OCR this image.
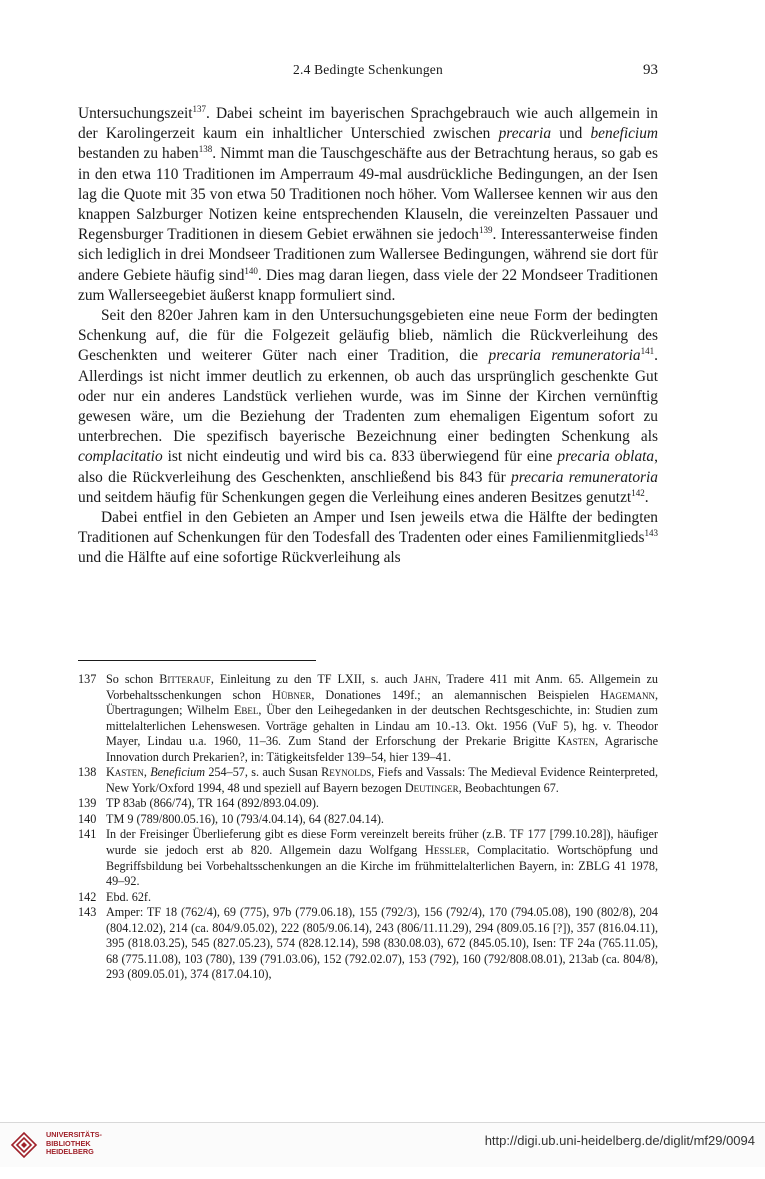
2.4 Bedingte Schenkungen	93

Untersuchungszeit$^{137}$. Dabei scheint im bayerischen Sprachgebrauch wie auch allgemein in der Karolingerzeit kaum ein inhaltlicher Unterschied zwischen precaria und beneficium bestanden zu haben$^{138}$. Nimmt man die Tauschgeschäfte aus der Betrachtung heraus, so gab es in den etwa 110 Traditionen im Amperraum 49-mal ausdrückliche Bedingungen, an der Isen lag die Quote mit 35 von etwa 50 Traditionen noch höher. Vom Wallersee kennen wir aus den knappen Salzburger Notizen keine entsprechenden Klauseln, die vereinzelten Passauer und Regensburger Traditionen in diesem Gebiet erwähnen sie jedoch$^{139}$. Interessanterweise finden sich lediglich in drei Mondseer Traditionen zum Wallersee Bedingungen, während sie dort für andere Gebiete häufig sind$^{140}$. Dies mag daran liegen, dass viele der 22 Mondseer Traditionen zum Wallerseegebiet äußerst knapp formuliert sind.

Seit den 820er Jahren kam in den Untersuchungsgebieten eine neue Form der bedingten Schenkung auf, die für die Folgezeit geläufig blieb, nämlich die Rückverleihung des Geschenkten und weiterer Güter nach einer Tradition, die precaria remuneratoria$^{141}$. Allerdings ist nicht immer deutlich zu erkennen, ob auch das ursprünglich geschenkte Gut oder nur ein anderes Landstück verliehen wurde, was im Sinne der Kirchen vernünftig gewesen wäre, um die Beziehung der Tradenten zum ehemaligen Eigentum sofort zu unterbrechen. Die spezifisch bayerische Bezeichnung einer bedingten Schenkung als complacitatio ist nicht eindeutig und wird bis ca. 833 überwiegend für eine precaria oblata, also die Rückverleihung des Geschenkten, anschließend bis 843 für precaria remuneratoria und seitdem häufig für Schenkungen gegen die Verleihung eines anderen Besitzes genutzt$^{142}$.

Dabei entfiel in den Gebieten an Amper und Isen jeweils etwa die Hälfte der bedingten Traditionen auf Schenkungen für den Todesfall des Tradenten oder eines Familienmitglieds$^{143}$ und die Hälfte auf eine sofortige Rückverleihung als

137 So schon Bitterauf, Einleitung zu den TF LXII, s. auch Jahn, Tradere 411 mit Anm. 65. Allgemein zu Vorbehaltsschenkungen schon Hübner, Donationes 149f.; an alemannischen Beispielen Hagemann, Übertragungen; Wilhelm Ebel, Über den Leihegedanken in der deutschen Rechtsgeschichte, in: Studien zum mittelalterlichen Lehenswesen. Vorträge gehalten in Lindau am 10.-13. Okt. 1956 (VuF 5), hg. v. Theodor Mayer, Lindau u.a. 1960, 11–36. Zum Stand der Erforschung der Prekarie Brigitte Kasten, Agrarische Innovation durch Prekarien?, in: Tätigkeitsfelder 139–54, hier 139–41.
138 Kasten, Beneficium 254–57, s. auch Susan Reynolds, Fiefs and Vassals: The Medieval Evidence Reinterpreted, New York/Oxford 1994, 48 und speziell auf Bayern bezogen Deutinger, Beobachtungen 67.
139 TP 83ab (866/74), TR 164 (892/893.04.09).
140 TM 9 (789/800.05.16), 10 (793/4.04.14), 64 (827.04.14).
141 In der Freisinger Überlieferung gibt es diese Form vereinzelt bereits früher (z.B. TF 177 [799.10.28]), häufiger wurde sie jedoch erst ab 820. Allgemein dazu Wolfgang Hessler, Complacitatio. Wortschöpfung und Begriffsbildung bei Vorbehaltsschenkungen an die Kirche im frühmittelalterlichen Bayern, in: ZBLG 41 1978, 49–92.
142 Ebd. 62f.
143 Amper: TF 18 (762/4), 69 (775), 97b (779.06.18), 155 (792/3), 156 (792/4), 170 (794.05.08), 190 (802/8), 204 (804.12.02), 214 (ca. 804/9.05.02), 222 (805/9.06.14), 243 (806/11.11.29), 294 (809.05.16 [?]), 357 (816.04.11), 395 (818.03.25), 545 (827.05.23), 574 (828.12.14), 598 (830.08.03), 672 (845.05.10), Isen: TF 24a (765.11.05), 68 (775.11.08), 103 (780), 139 (791.03.06), 152 (792.02.07), 153 (792), 160 (792/808.08.01), 213ab (ca. 804/8), 293 (809.05.01), 374 (817.04.10),
UNIVERSITÄTS-
BIBLIOTHEK
HEIDELBERG
http://digi.ub.uni-heidelberg.de/diglit/mf29/0094
